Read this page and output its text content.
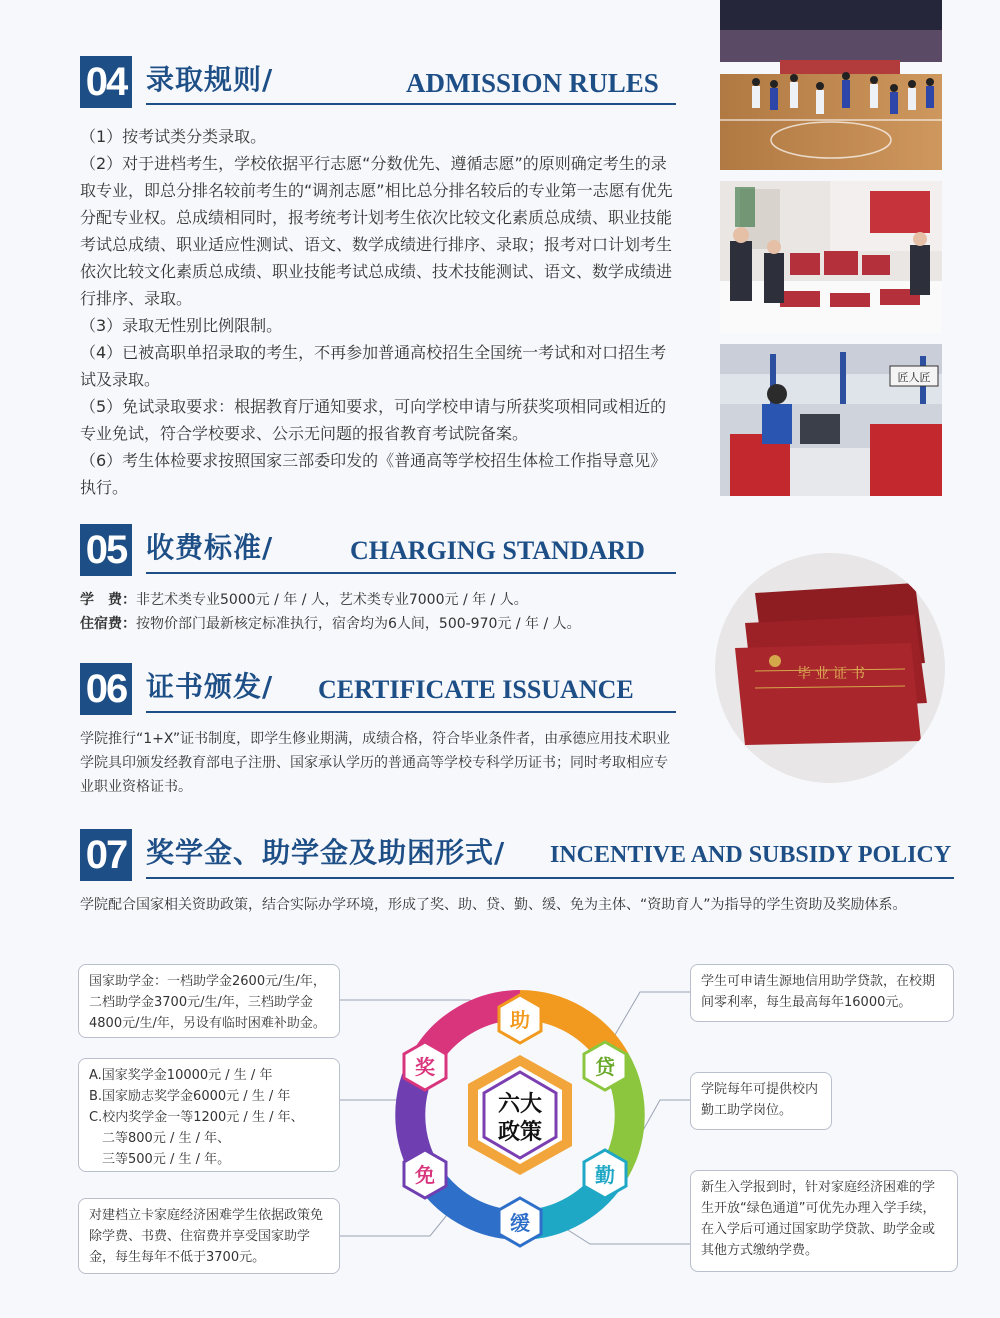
04 录取规则/	ADMISSION RULES

（1）按考试类分类录取。

（2）对于进档考生，学校依据平行志愿“分数优先、遵循志愿”的原则确定考生的录取专业，即总分排名较前考生的“调剂志愿”相比总分排名较后的专业第一志愿有优先分配专业权。总成绩相同时，报考统考计划考生依次比较文化素质总成绩、职业技能考试总成绩、职业适应性测试、语文、数学成绩进行排序、录取；报考对口计划考生依次比较文化素质总成绩、职业技能考试总成绩、技术技能测试、语文、数学成绩进行排序、录取。

（3）录取无性别比例限制。

（4）已被高职单招录取的考生，不再参加普通高校招生全国统一考试和对口招生考试及录取。

（5）免试录取要求：根据教育厅通知要求，可向学校申请与所获奖项相同或相近的专业免试，符合学校要求、公示无问题的报省教育考试院备案。

（6）考生体检要求按照国家三部委印发的《普通高等学校招生体检工作指导意见》执行。

匠人匠
05 收费标准/	CHARGING STANDARD
学　费：非艺术类专业5000元 / 年 / 人，艺术类专业7000元 / 年 / 人。
住宿费：按物价部门最新核定标准执行，宿舍均为6人间，500-970元 / 年 / 人。
毕业证书
06 证书颁发/ CERTIFICATE ISSUANCE
学院推行“1+X”证书制度，即学生修业期满，成绩合格，符合毕业条件者，由承德应用技术职业学院具印颁发经教育部电子注册、国家承认学历的普通高等学校专科学历证书；同时考取相应专业职业资格证书。
07 奖学金、助学金及助困形式/ INCENTIVE AND SUBSIDY POLICY
学院配合国家相关资助政策，结合实际办学环境，形成了奖、助、贷、勤、缓、免为主体、“资助育人”为指导的学生资助及奖励体系。
国家助学金：一档助学金2600元/生/年，二档助学金3700元/生/年，三档助学金4800元/生/年，另设有临时困难补助金。
A.国家奖学金10000元 / 生 / 年
B.国家励志奖学金6000元 / 生 / 年
C.校内奖学金一等1200元 / 生 / 年、
　二等800元 / 生 / 年、
　三等500元 / 生 / 年。
对建档立卡家庭经济困难学生依据政策免除学费、书费、住宿费并享受国家助学金，每生每年不低于3700元。
学生可申请生源地信用助学贷款，在校期间零利率，每生最高每年16000元。
学院每年可提供校内勤工助学岗位。
新生入学报到时，针对家庭经济困难的学生开放“绿色通道”可优先办理入学手续，在入学后可通过国家助学贷款、助学金或其他方式缴纳学费。
六大
政策
助
贷
勤
缓
免
奖
